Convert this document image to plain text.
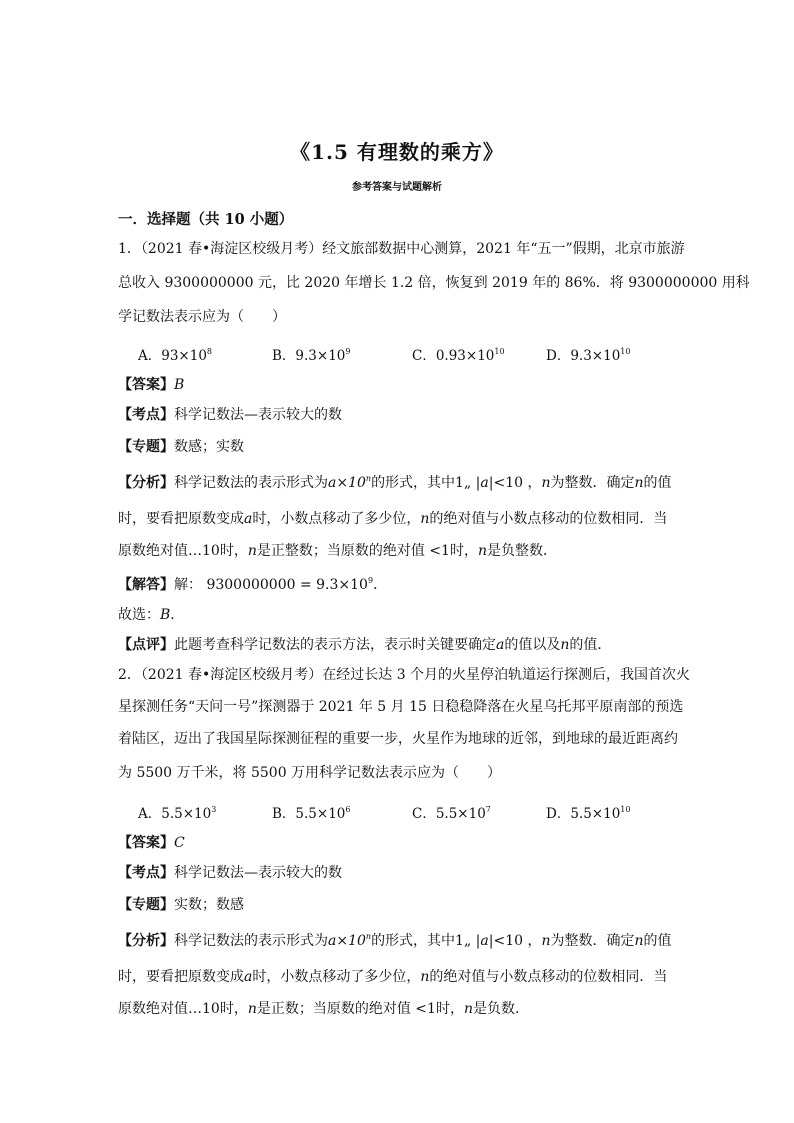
《1.5 有理数的乘方》
参考答案与试题解析
一．选择题（共 10 小题）
1．（2021 春•海淀区校级月考）经文旅部数据中心测算，2021 年“五一”假期，北京市旅游
总收入 9300000000 元，比 2020 年增长 1.2 倍，恢复到 2019 年的 86%．将 9300000000 用科
学记数法表示应为（　　）
A．$93\times 10^8$	B．$9.3\times 10^9$	C．$0.93\times 10^{10}$	D．$9.3\times 10^{10}$
【答案】B
【考点】科学记数法—表示较大的数
【专题】数感；实数
【分析】科学记数法的表示形式为$a\times 10^n$的形式，其中1„ |a|<10 ，n为整数．确定n的值
时，要看把原数变成a时，小数点移动了多少位，n的绝对值与小数点移动的位数相同．当
原数绝对值…10时，n是正整数；当原数的绝对值 <1时，n是负整数．
【解答】解： $9300000000 = 9.3\times 10^9$．
故选：B．
【点评】此题考查科学记数法的表示方法，表示时关键要确定a的值以及n的值．
2．（2021 春•海淀区校级月考）在经过长达 3 个月的火星停泊轨道运行探测后，我国首次火
星探测任务“天问一号”探测器于 2021 年 5 月 15 日稳稳降落在火星乌托邦平原南部的预选
着陆区，迈出了我国星际探测征程的重要一步，火星作为地球的近邻，到地球的最近距离约
为 5500 万千米，将 5500 万用科学记数法表示应为（　　）
A．$5.5\times 10^3$	B．$5.5\times 10^6$	C．$5.5\times 10^7$	D．$5.5\times 10^{10}$
【答案】C
【考点】科学记数法—表示较大的数
【专题】实数；数感
【分析】科学记数法的表示形式为$a\times 10^n$的形式，其中1„ |a|<10 ，n为整数．确定n的值
时，要看把原数变成a时，小数点移动了多少位，n的绝对值与小数点移动的位数相同．当
原数绝对值…10时，n是正数；当原数的绝对值 <1时，n是负数．
